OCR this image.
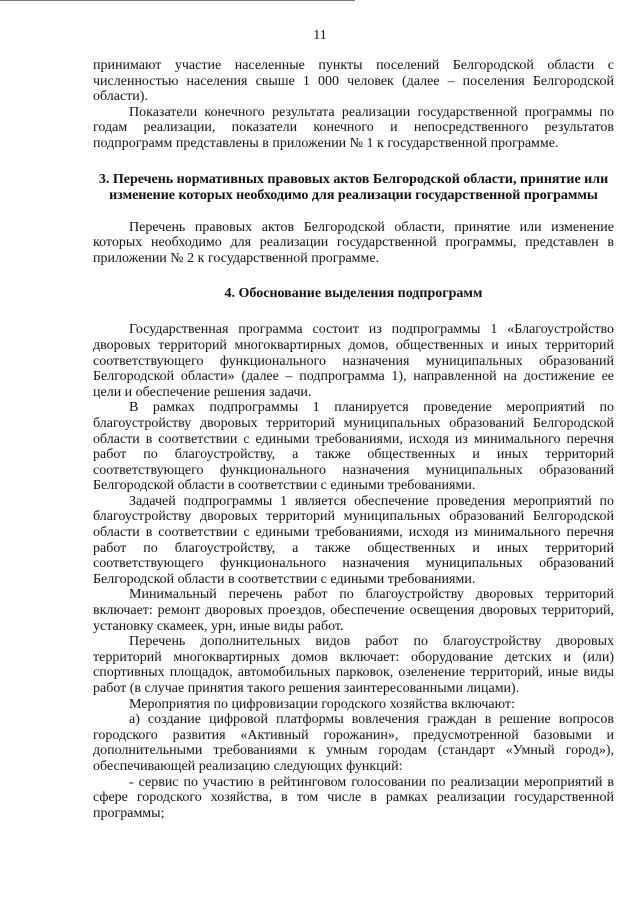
11

принимают участие населенные пункты поселений Белгородской области с численностью населения свыше 1 000 человек (далее – поселения Белгородской области).

Показатели конечного результата реализации государственной программы по годам реализации, показатели конечного и непосредственного результатов подпрограмм представлены в приложении № 1 к государственной программе.

3. Перечень нормативных правовых актов Белгородской области, принятие или изменение которых необходимо для реализации государственной программы

Перечень правовых актов Белгородской области, принятие или изменение которых необходимо для реализации государственной программы, представлен в приложении № 2 к государственной программе.

4. Обоснование выделения подпрограмм

Государственная программа состоит из подпрограммы 1 «Благоустройство дворовых территорий многоквартирных домов, общественных и иных территорий соответствующего функционального назначения муниципальных образований Белгородской области» (далее – подпрограмма 1), направленной на достижение ее цели и обеспечение решения задачи.

В рамках подпрограммы 1 планируется проведение мероприятий по благоустройству дворовых территорий муниципальных образований Белгородской области в соответствии с едиными требованиями, исходя из минимального перечня работ по благоустройству, а также общественных и иных территорий соответствующего функционального назначения муниципальных образований Белгородской области в соответствии с едиными требованиями.

Задачей подпрограммы 1 является обеспечение проведения мероприятий по благоустройству дворовых территорий муниципальных образований Белгородской области в соответствии с едиными требованиями, исходя из минимального перечня работ по благоустройству, а также общественных и иных территорий соответствующего функционального назначения муниципальных образований Белгородской области в соответствии с едиными требованиями.

Минимальный перечень работ по благоустройству дворовых территорий включает: ремонт дворовых проездов, обеспечение освещения дворовых территорий, установку скамеек, урн, иные виды работ.

Перечень дополнительных видов работ по благоустройству дворовых территорий многоквартирных домов включает: оборудование детских и (или) спортивных площадок, автомобильных парковок, озеленение территорий, иные виды работ (в случае принятия такого решения заинтересованными лицами).

Мероприятия по цифровизации городского хозяйства включают:

а) создание цифровой платформы вовлечения граждан в решение вопросов городского развития «Активный горожанин», предусмотренной базовыми и дополнительными требованиями к умным городам (стандарт «Умный город»), обеспечивающей реализацию следующих функций:

- сервис по участию в рейтинговом голосовании по реализации мероприятий в сфере городского хозяйства, в том числе в рамках реализации государственной программы;
